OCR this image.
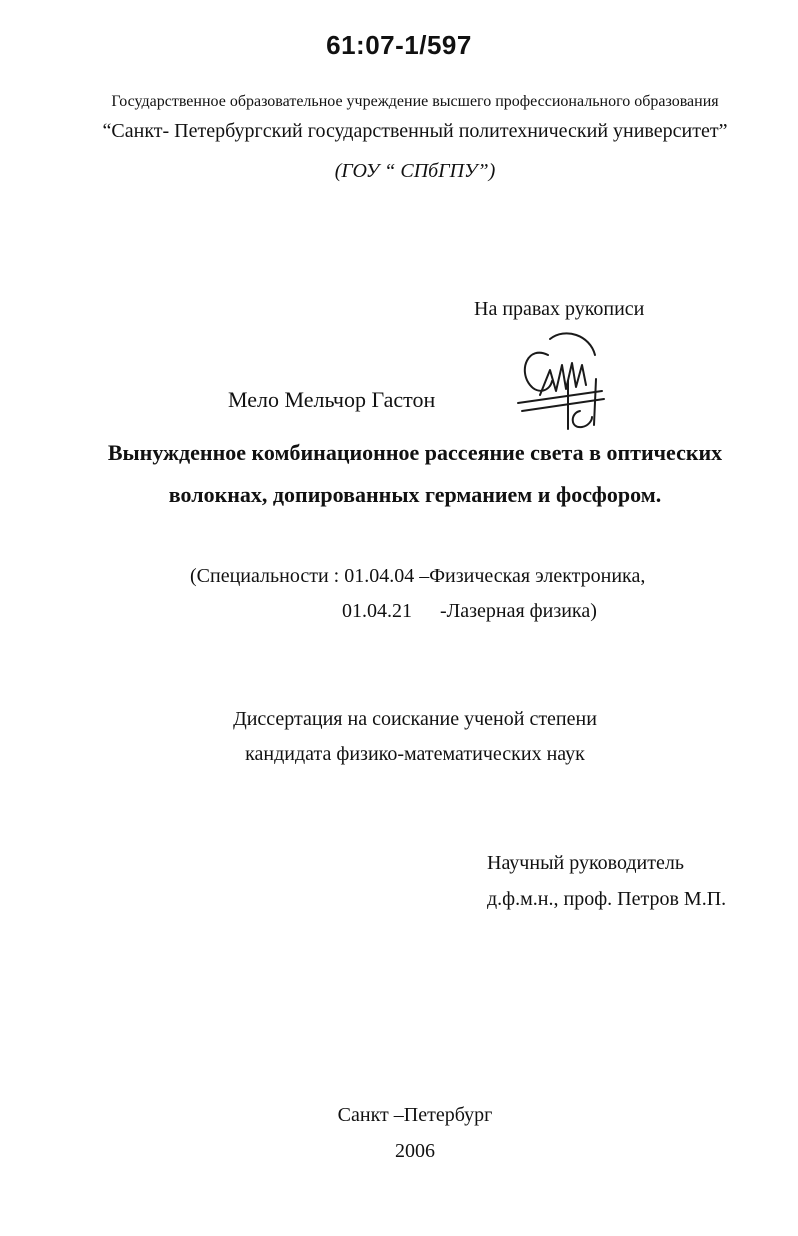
61:07-1/597
Государственное образовательное учреждение высшего профессионального образования
“Санкт- Петербургский государственный политехнический университет”
(ГОУ “ СПбГПУ”)
На правах рукописи
Мело Мельчор Гастон
Вынужденное комбинационное рассеяние света в оптических
волокнах, допированных германием и фосфором.
(Специальности : 01.04.04 –Физическая электроника,
01.04.21 -Лазерная физика)
Диссертация на соискание ученой степени
кандидата физико-математических наук
Научный руководитель
д.ф.м.н., проф. Петров М.П.
Санкт –Петербург
2006
